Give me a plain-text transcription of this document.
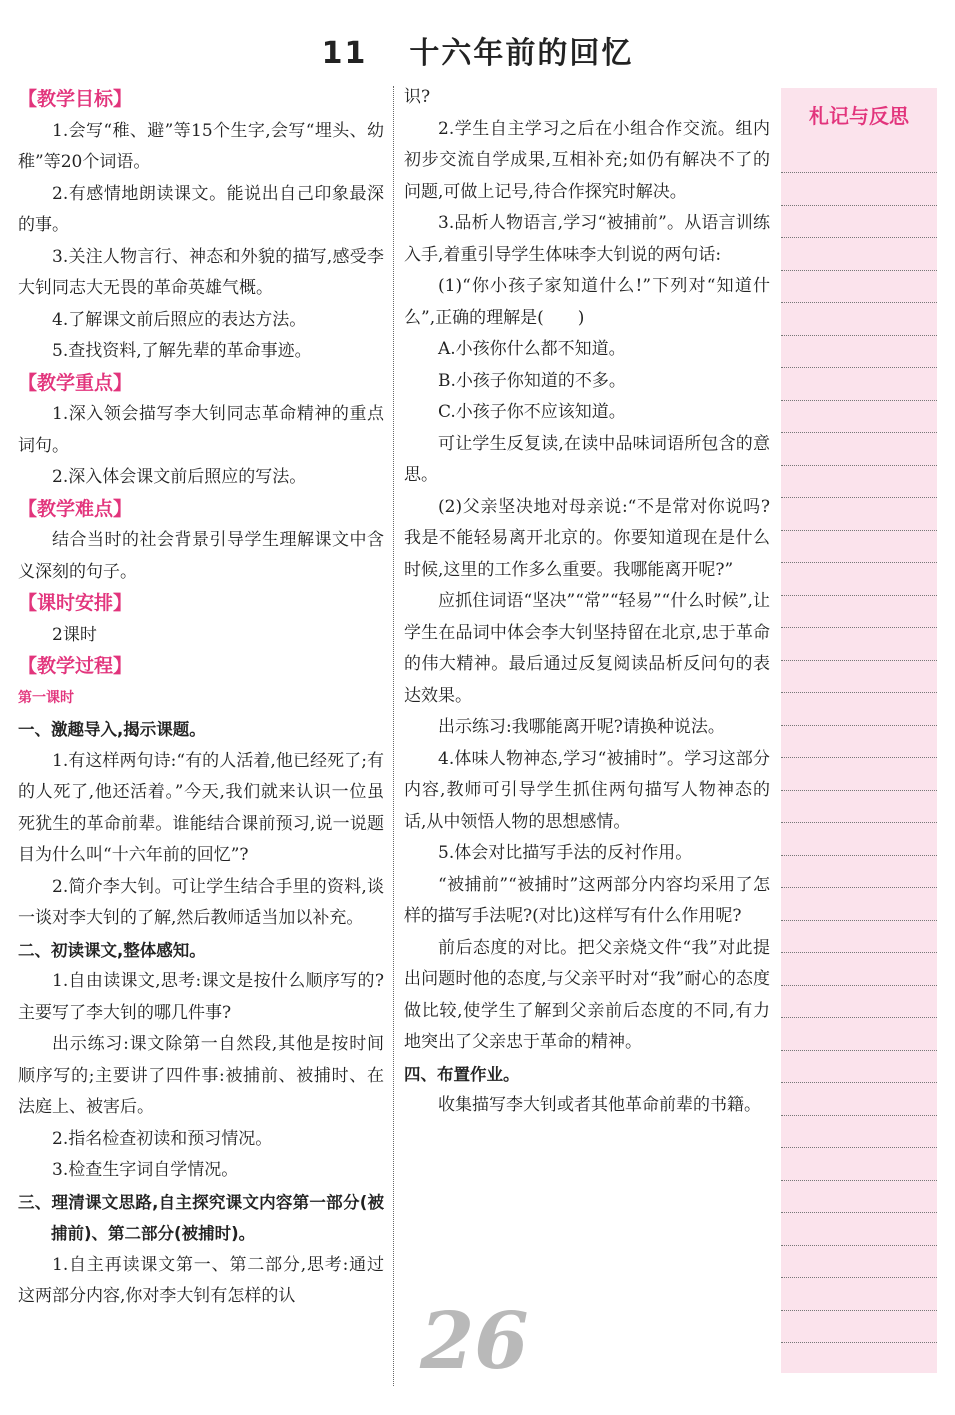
11 十六年前的回忆

【教学目标】

1.会写“稚、避”等15个生字,会写“埋头、幼稚”等20个词语。

2.有感情地朗读课文。能说出自己印象最深的事。

3.关注人物言行、神态和外貌的描写,感受李大钊同志大无畏的革命英雄气概。

4.了解课文前后照应的表达方法。

5.查找资料,了解先辈的革命事迹。

【教学重点】

1.深入领会描写李大钊同志革命精神的重点词句。

2.深入体会课文前后照应的写法。

【教学难点】

结合当时的社会背景引导学生理解课文中含义深刻的句子。

【课时安排】

2课时

【教学过程】

第一课时

一、激趣导入,揭示课题。

1.有这样两句诗:“有的人活着,他已经死了;有的人死了,他还活着。”今天,我们就来认识一位虽死犹生的革命前辈。谁能结合课前预习,说一说题目为什么叫“十六年前的回忆”?

2.简介李大钊。可让学生结合手里的资料,谈一谈对李大钊的了解,然后教师适当加以补充。

二、初读课文,整体感知。

1.自由读课文,思考:课文是按什么顺序写的?主要写了李大钊的哪几件事?

出示练习:课文除第一自然段,其他是按时间顺序写的;主要讲了四件事:被捕前、被捕时、在法庭上、被害后。

2.指名检查初读和预习情况。

3.检查生字词自学情况。

三、理清课文思路,自主探究课文内容第一部分(被捕前)、第二部分(被捕时)。

1.自主再读课文第一、第二部分,思考:通过这两部分内容,你对李大钊有怎样的认

识?

2.学生自主学习之后在小组合作交流。组内初步交流自学成果,互相补充;如仍有解决不了的问题,可做上记号,待合作探究时解决。

3.品析人物语言,学习“被捕前”。从语言训练入手,着重引导学生体味李大钊说的两句话:

(1)“你小孩子家知道什么!”下列对“知道什么”,正确的理解是(　　)

A.小孩你什么都不知道。

B.小孩子你知道的不多。

C.小孩子你不应该知道。

可让学生反复读,在读中品味词语所包含的意思。

(2)父亲坚决地对母亲说:“不是常对你说吗?我是不能轻易离开北京的。你要知道现在是什么时候,这里的工作多么重要。我哪能离开呢?”

应抓住词语“坚决”“常”“轻易”“什么时候”,让学生在品词中体会李大钊坚持留在北京,忠于革命的伟大精神。最后通过反复阅读品析反问句的表达效果。

出示练习:我哪能离开呢?请换种说法。

4.体味人物神态,学习“被捕时”。学习这部分内容,教师可引导学生抓住两句描写人物神态的话,从中领悟人物的思想感情。

5.体会对比描写手法的反衬作用。

“被捕前”“被捕时”这两部分内容均采用了怎样的描写手法呢?(对比)这样写有什么作用呢?

前后态度的对比。把父亲烧文件“我”对此提出问题时他的态度,与父亲平时对“我”耐心的态度做比较,使学生了解到父亲前后态度的不同,有力地突出了父亲忠于革命的精神。

四、布置作业。

收集描写李大钊或者其他革命前辈的书籍。

札记与反思
26
